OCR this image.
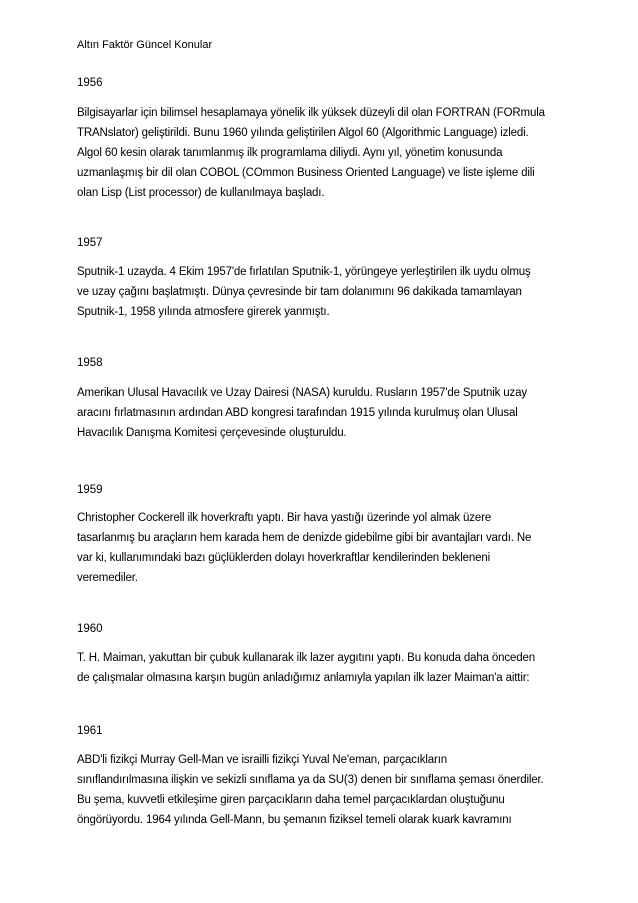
Altın Faktör Güncel Konular
1956
Bilgisayarlar için bilimsel hesaplamaya yönelik ilk yüksek düzeyli dil olan FORTRAN (FORmula
TRANslator) geliştirildi. Bunu 1960 yılında geliştirilen Algol 60 (Algorithmic Language) izledi.
Algol 60 kesin olarak tanımlanmış ilk programlama diliydi. Aynı yıl, yönetim konusunda
uzmanlaşmış bir dil olan COBOL (COmmon Business Oriented Language) ve liste işleme dili
olan Lisp (List processor) de kullanılmaya başladı.
1957
Sputnik-1 uzayda. 4 Ekim 1957'de fırlatılan Sputnik-1, yörüngeye yerleştirilen ilk uydu olmuş
ve uzay çağını başlatmıştı. Dünya çevresinde bir tam dolanımını 96 dakikada tamamlayan
Sputnik-1, 1958 yılında atmosfere girerek yanmıştı.
1958
Amerikan Ulusal Havacılık ve Uzay Dairesi (NASA) kuruldu. Rusların 1957'de Sputnik uzay
aracını fırlatmasının ardından ABD kongresi tarafından 1915 yılında kurulmuş olan Ulusal
Havacılık Danışma Komitesi çerçevesinde oluşturuldu.
1959
Christopher Cockerell ilk hoverkraftı yaptı. Bir hava yastığı üzerinde yol almak üzere
tasarlanmış bu araçların hem karada hem de denizde gidebilme gibi bir avantajları vardı. Ne
var ki, kullanımındaki bazı güçlüklerden dolayı hoverkraftlar kendilerinden bekleneni
veremediler.
1960
T. H. Maiman, yakuttan bir çubuk kullanarak ilk lazer aygıtını yaptı. Bu konuda daha önceden
de çalışmalar olmasına karşın bugün anladığımız anlamıyla yapılan ilk lazer Maiman'a aittir:
1961
ABD'li fizikçi Murray Gell-Man ve israilli fizikçi Yuval Ne'eman, parçacıkların
sınıflandırılmasına ilişkin ve sekizli sınıflama ya da SU(3) denen bir sınıflama şeması önerdiler.
Bu şema, kuvvetli etkileşime giren parçacıkların daha temel parçacıklardan oluştuğunu
öngörüyordu. 1964 yılında Gell-Mann, bu şemanın fiziksel temeli olarak kuark kavramını
